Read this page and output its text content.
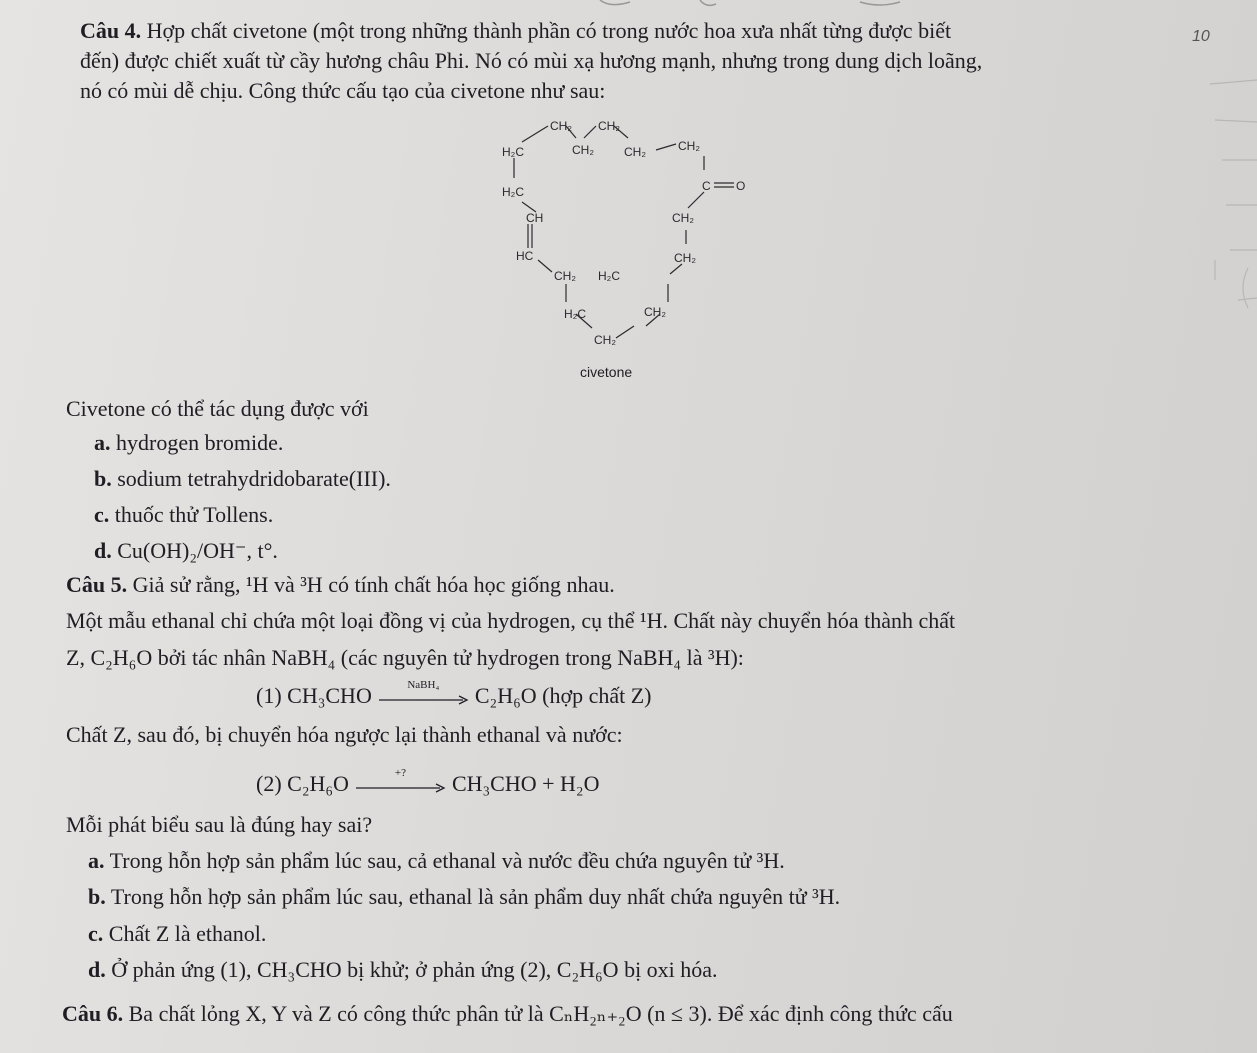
10
Câu 4. Hợp chất civetone (một trong những thành phần có trong nước hoa xưa nhất từng được biết
đến) được chiết xuất từ cầy hương châu Phi. Nó có mùi xạ hương mạnh, nhưng trong dung dịch loãng,
nó có mùi dễ chịu. Công thức cấu tạo của civetone như sau:
CH₂ CH₂
H₂C	CH₂	CH₂	CH₂
H₂C	C O
CH	CH₂
HC	CH₂
CH₂ H₂C
H₂C	CH₂
CH₂
civetone
Civetone có thể tác dụng được với
a. hydrogen bromide.
b. sodium tetrahydridobarate(III).
c. thuốc thử Tollens.
d. Cu(OH)₂/OH⁻, t°.
Câu 5. Giả sử rằng, ¹H và ³H có tính chất hóa học giống nhau.
Một mẫu ethanal chỉ chứa một loại đồng vị của hydrogen, cụ thể ¹H. Chất này chuyển hóa thành chất
Z, C₂H₆O bởi tác nhân NaBH₄ (các nguyên tử hydrogen trong NaBH₄ là ³H):
(1) CH₃CHO	NaBH₄	C₂H₆O (hợp chất Z)
Chất Z, sau đó, bị chuyển hóa ngược lại thành ethanal và nước:
(2) C₂H₆O	+?	CH₃CHO + H₂O
Mỗi phát biểu sau là đúng hay sai?
a. Trong hỗn hợp sản phẩm lúc sau, cả ethanal và nước đều chứa nguyên tử ³H.
b. Trong hỗn hợp sản phẩm lúc sau, ethanal là sản phẩm duy nhất chứa nguyên tử ³H.
c. Chất Z là ethanol.
d. Ở phản ứng (1), CH₃CHO bị khử; ở phản ứng (2), C₂H₆O bị oxi hóa.
Câu 6. Ba chất lỏng X, Y và Z có công thức phân tử là CₙH₂ₙ₊₂O (n ≤ 3). Để xác định công thức cấu
